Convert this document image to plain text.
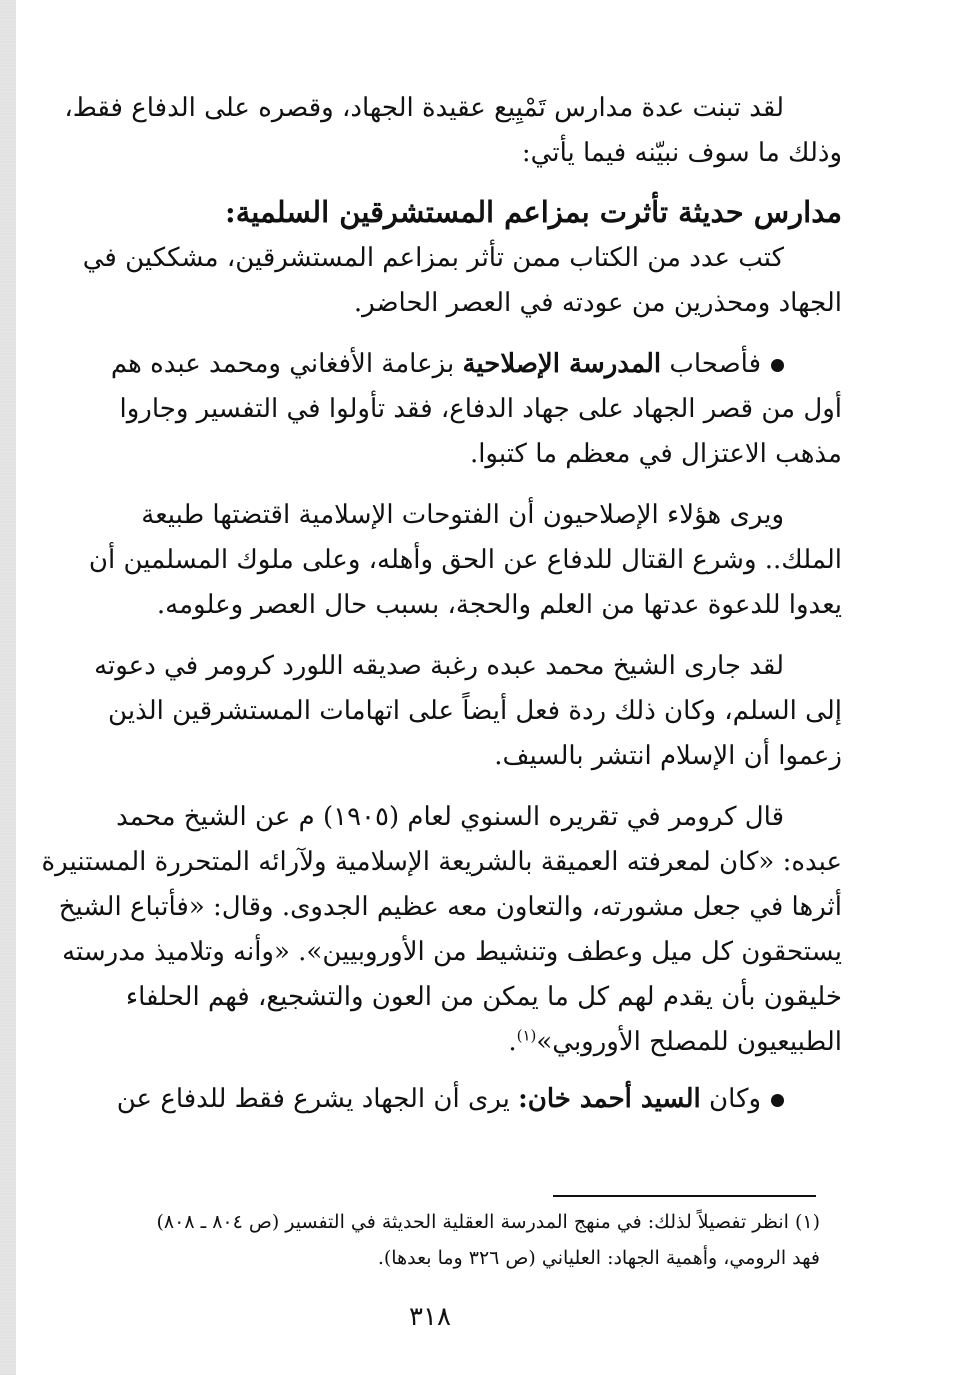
لقد تبنت عدة مدارس تَمْيِيع عقيدة الجهاد، وقصره على الدفاع فقط،

وذلك ما سوف نبيّنه فيما يأتي:

مدارس حديثة تأثرت بمزاعم المستشرقين السلمية:

كتب عدد من الكتاب ممن تأثر بمزاعم المستشرقين، مشككين في

الجهاد ومحذرين من عودته في العصر الحاضر.

فأصحاب المدرسة الإصلاحية بزعامة الأفغاني ومحمد عبده هم

أول من قصر الجهاد على جهاد الدفاع، فقد تأولوا في التفسير وجاروا

مذهب الاعتزال في معظم ما كتبوا.

ويرى هؤلاء الإصلاحيون أن الفتوحات الإسلامية اقتضتها طبيعة

الملك.. وشرع القتال للدفاع عن الحق وأهله، وعلى ملوك المسلمين أن

يعدوا للدعوة عدتها من العلم والحجة، بسبب حال العصر وعلومه.

لقد جارى الشيخ محمد عبده رغبة صديقه اللورد كرومر في دعوته

إلى السلم، وكان ذلك ردة فعل أيضاً على اتهامات المستشرقين الذين

زعموا أن الإسلام انتشر بالسيف.

قال كرومر في تقريره السنوي لعام (١٩٠٥) م عن الشيخ محمد

عبده: «كان لمعرفته العميقة بالشريعة الإسلامية ولآرائه المتحررة المستنيرة

أثرها في جعل مشورته، والتعاون معه عظيم الجدوى. وقال: «فأتباع الشيخ

يستحقون كل ميل وعطف وتنشيط من الأوروبيين». «وأنه وتلاميذ مدرسته

خليقون بأن يقدم لهم كل ما يمكن من العون والتشجيع، فهم الحلفاء

الطبيعيون للمصلح الأوروبي»$^{(١)}$.

وكان السيد أحمد خان: يرى أن الجهاد يشرع فقط للدفاع عن

(١) انظر تفصيلاً لذلك: في منهج المدرسة العقلية الحديثة في التفسير (ص ٨٠٤ ـ ٨٠٨)

فهد الرومي، وأهمية الجهاد: العلياني (ص ٣٢٦ وما بعدها).

٣١٨
